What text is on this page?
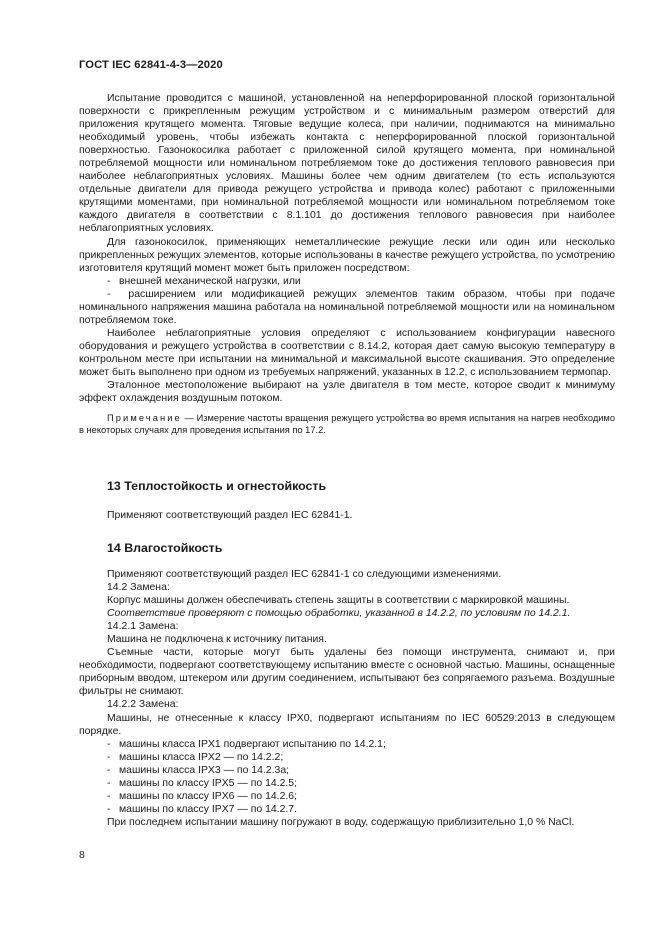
ГОСТ IEC 62841-4-3—2020

Испытание проводится с машиной, установленной на неперфорированной плоской горизонтальной поверхности с прикрепленным режущим устройством и с минимальным размером отверстий для приложения крутящего момента. Тяговые ведущие колеса, при наличии, поднимаются на минимально необходимый уровень, чтобы избежать контакта с неперфорированной плоской горизонтальной поверхностью. Газонокосилка работает с приложенной силой крутящего момента, при номинальной потребляемой мощности или номинальном потребляемом токе до достижения теплового равновесия при наиболее неблагоприятных условиях. Машины более чем одним двигателем (то есть используются отдельные двигатели для привода режущего устройства и привода колес) работают с приложенными крутящими моментами, при номинальной потребляемой мощности или номинальном потребляемом токе каждого двигателя в соответствии с 8.1.101 до достижения теплового равновесия при наиболее неблагоприятных условиях.

Для газонокосилок, применяющих неметаллические режущие лески или один или несколько прикрепленных режущих элементов, которые использованы в качестве режущего устройства, по усмотрению изготовителя крутящий момент может быть приложен посредством:

- внешней механической нагрузки, или

-  расширением или модификацией режущих элементов таким образом, чтобы при подаче номинального напряжения машина работала на номинальной потребляемой мощности или на номинальном потребляемом токе.

Наиболее неблагоприятные условия определяют с использованием конфигурации навесного оборудования и режущего устройства в соответствии с 8.14.2, которая дает самую высокую температуру в контрольном месте при испытании на минимальной и максимальной высоте скашивания. Это определение может быть выполнено при одном из требуемых напряжений, указанных в 12.2, с использованием термопар.

Эталонное местоположение выбирают на узле двигателя в том месте, которое сводит к минимуму эффект охлаждения воздушным потоком.

Примечание — Измерение частоты вращения режущего устройства во время испытания на нагрев необходимо в некоторых случаях для проведения испытания по 17.2.

13 Теплостойкость и огнестойкость

Применяют соответствующий раздел IEC 62841-1.

14 Влагостойкость

Применяют соответствующий раздел IEC 62841-1 со следующими изменениями.

14.2 Замена:

Корпус машины должен обеспечивать степень защиты в соответствии с маркировкой машины.

Соответствие проверяют с помощью обработки, указанной в 14.2.2, по условиям по 14.2.1.

14.2.1 Замена:

Машина не подключена к источнику питания.

Съемные части, которые могут быть удалены без помощи инструмента, снимают и, при необходимости, подвергают соответствующему испытанию вместе с основной частью. Машины, оснащенные приборным вводом, штекером или другим соединением, испытывают без сопрягаемого разъема. Воздушные фильтры не снимают.

14.2.2 Замена:

Машины, не отнесенные к классу IPX0, подвергают испытаниям по IEC 60529:2013 в следующем порядке.

- машины класса IPX1 подвергают испытанию по 14.2.1;

- машины класса IPX2 — по 14.2.2;

- машины класса IPX3 — по 14.2.3a;

- машины по классу IPX5 — по 14.2.5;

- машины по классу IPX6 — по 14.2.6;

- машины по классу IPX7 — по 14.2.7.

При последнем испытании машину погружают в воду, содержащую приблизительно 1,0 % NaCl.

8
